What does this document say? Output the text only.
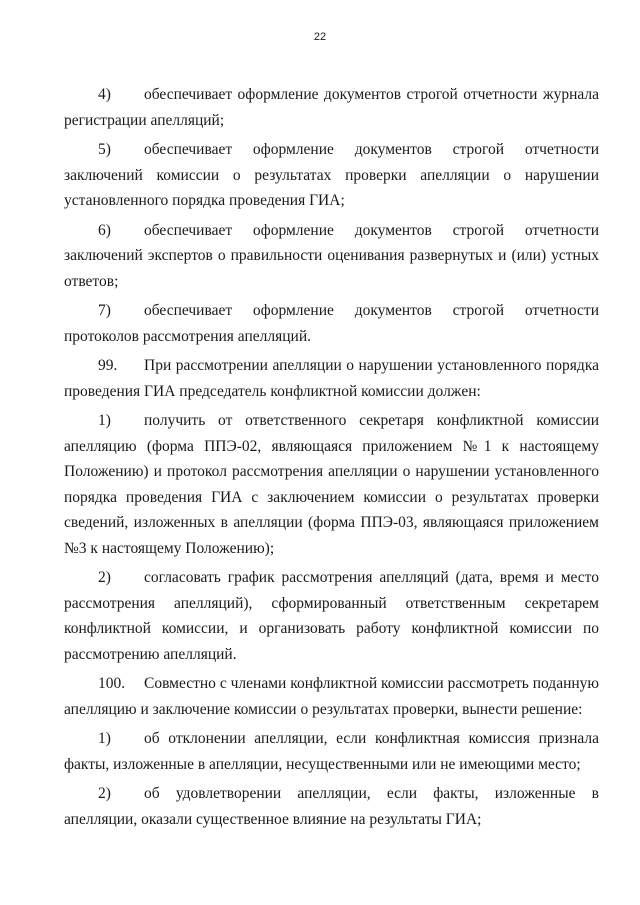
22

4) обеспечивает оформление документов строгой отчетности журнала регистрации апелляций;

5) обеспечивает оформление документов строгой отчетности заключений комиссии о результатах проверки апелляции о нарушении установленного порядка проведения ГИА;

6) обеспечивает оформление документов строгой отчетности заключений экспертов о правильности оценивания развернутых и (или) устных ответов;

7) обеспечивает оформление документов строгой отчетности протоколов рассмотрения апелляций.

99. При рассмотрении апелляции о нарушении установленного порядка проведения ГИА председатель конфликтной комиссии должен:

1) получить от ответственного секретаря конфликтной комиссии апелляцию (форма ППЭ-02, являющаяся приложением №1 к настоящему Положению) и протокол рассмотрения апелляции о нарушении установленного порядка проведения ГИА с заключением комиссии о результатах проверки сведений, изложенных в апелляции (форма ППЭ-03, являющаяся приложением №3 к настоящему Положению);

2) согласовать график рассмотрения апелляций (дата, время и место рассмотрения апелляций), сформированный ответственным секретарем конфликтной комиссии, и организовать работу конфликтной комиссии по рассмотрению апелляций.

100. Совместно с членами конфликтной комиссии рассмотреть поданную апелляцию и заключение комиссии о результатах проверки, вынести решение:

1) об отклонении апелляции, если конфликтная комиссия признала факты, изложенные в апелляции, несущественными или не имеющими место;

2) об удовлетворении апелляции, если факты, изложенные в апелляции, оказали существенное влияние на результаты ГИА;
